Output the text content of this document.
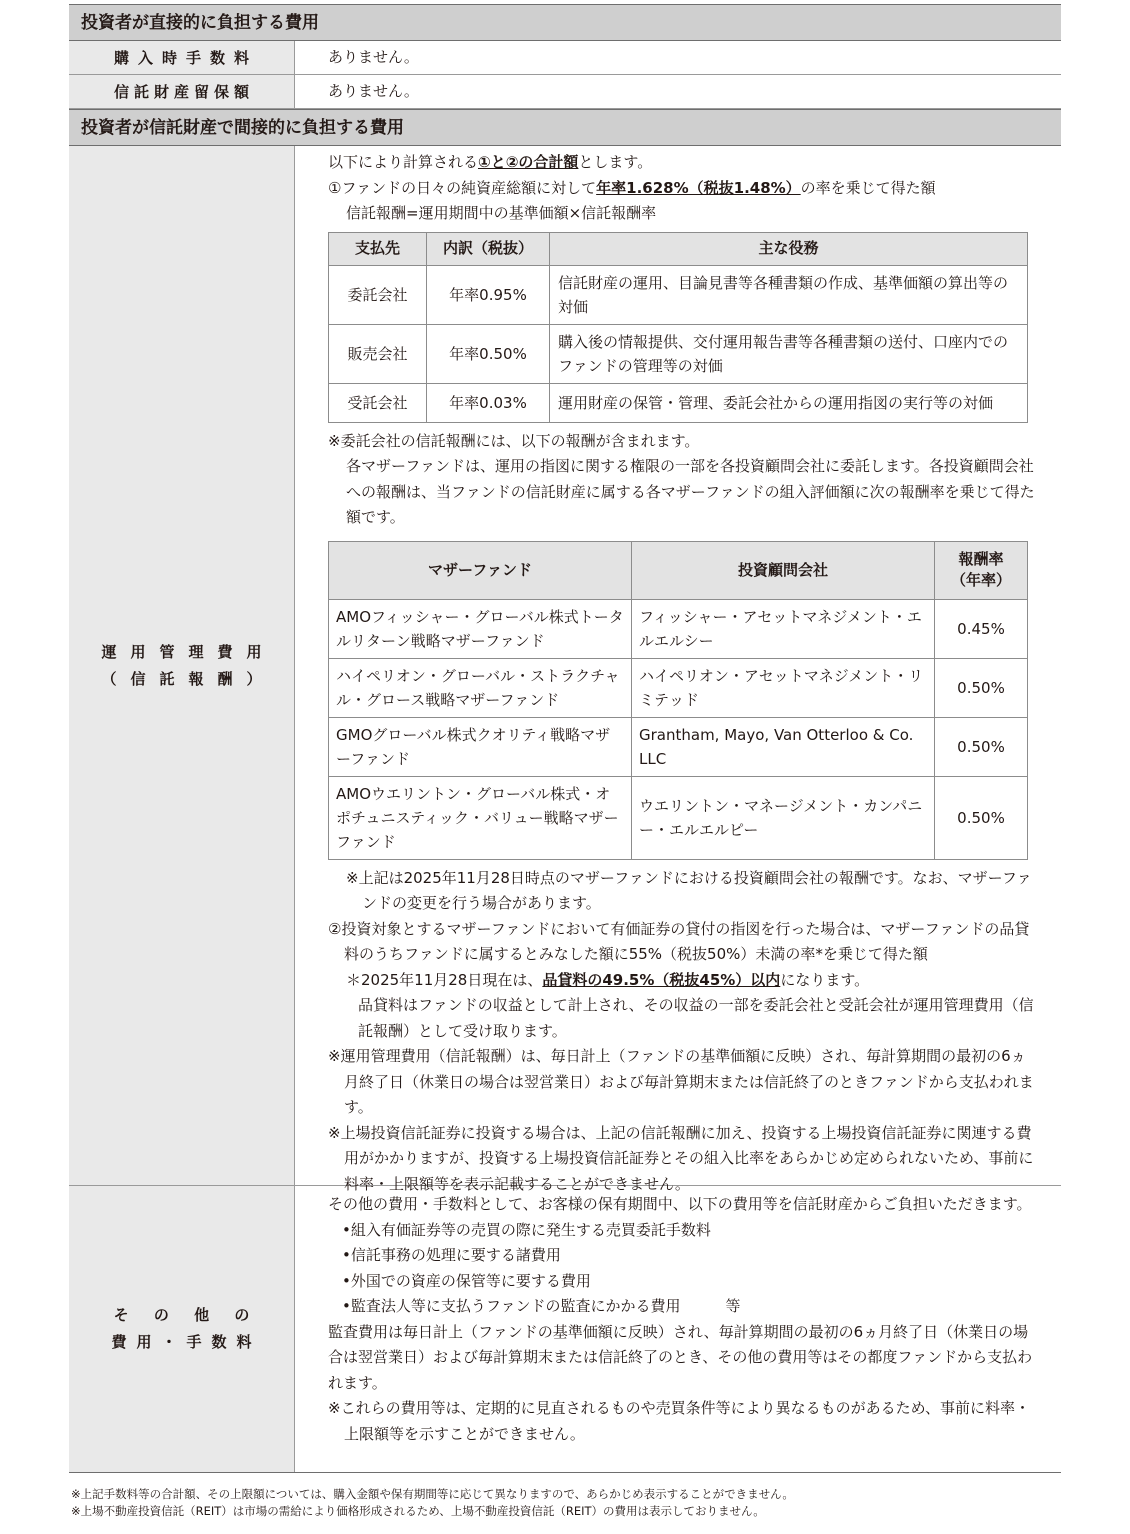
投資者が直接的に負担する費用
購入時手数料	ありません。
信託財産留保額	ありません。
投資者が信託財産で間接的に負担する費用
運用管理費用
（信託報酬）
以下により計算される①と②の合計額とします。
①ファンドの日々の純資産総額に対して年率1.628%（税抜1.48%）の率を乗じて得た額
信託報酬=運用期間中の基準価額×信託報酬率
支払先	内訳（税抜）	主な役務
委託会社	年率0.95%	信託財産の運用、目論見書等各種書類の作成、基準価額の算出等の対価
販売会社	年率0.50%	購入後の情報提供、交付運用報告書等各種書類の送付、口座内でのファンドの管理等の対価
受託会社	年率0.03%	運用財産の保管・管理、委託会社からの運用指図の実行等の対価
※委託会社の信託報酬には、以下の報酬が含まれます。
各マザーファンドは、運用の指図に関する権限の一部を各投資顧問会社に委託します。各投資顧問会社への報酬は、当ファンドの信託財産に属する各マザーファンドの組入評価額に次の報酬率を乗じて得た額です。
マザーファンド	投資顧問会社	報酬率
（年率）
AMOフィッシャー・グローバル株式トータルリターン戦略マザーファンド	フィッシャー・アセットマネジメント・エルエルシー	0.45%
ハイペリオン・グローバル・ストラクチャル・グロース戦略マザーファンド	ハイペリオン・アセットマネジメント・リミテッド	0.50%
GMOグローバル株式クオリティ戦略マザーファンド	Grantham, Mayo, Van Otterloo & Co. LLC	0.50%
AMOウエリントン・グローバル株式・オポチュニスティック・バリュー戦略マザーファンド	ウエリントン・マネージメント・カンパニー・エルエルピー	0.50%
※上記は2025年11月28日時点のマザーファンドにおける投資顧問会社の報酬です。なお、マザーファンドの変更を行う場合があります。
②投資対象とするマザーファンドにおいて有価証券の貸付の指図を行った場合は、マザーファンドの品貸料のうちファンドに属するとみなした額に55%（税抜50%）未満の率*を乗じて得た額
＊2025年11月28日現在は、品貸料の49.5%（税抜45%）以内になります。
品貸料はファンドの収益として計上され、その収益の一部を委託会社と受託会社が運用管理費用（信託報酬）として受け取ります。
※運用管理費用（信託報酬）は、毎日計上（ファンドの基準価額に反映）され、毎計算期間の最初の6ヵ月終了日（休業日の場合は翌営業日）および毎計算期末または信託終了のときファンドから支払われます。
※上場投資信託証券に投資する場合は、上記の信託報酬に加え、投資する上場投資信託証券に関連する費用がかかりますが、投資する上場投資信託証券とその組入比率をあらかじめ定められないため、事前に料率・上限額等を表示記載することができません。
そ の 他 の
費用・手数料
その他の費用・手数料として、お客様の保有期間中、以下の費用等を信託財産からご負担いただきます。
•組入有価証券等の売買の際に発生する売買委託手数料
•信託事務の処理に要する諸費用
•外国での資産の保管等に要する費用
•監査法人等に支払うファンドの監査にかかる費用　　　等
監査費用は毎日計上（ファンドの基準価額に反映）され、毎計算期間の最初の6ヵ月終了日（休業日の場合は翌営業日）および毎計算期末または信託終了のとき、その他の費用等はその都度ファンドから支払われます。
※これらの費用等は、定期的に見直されるものや売買条件等により異なるものがあるため、事前に料率・上限額等を示すことができません。
※上記手数料等の合計額、その上限額については、購入金額や保有期間等に応じて異なりますので、あらかじめ表示することができません。
※上場不動産投資信託（REIT）は市場の需給により価格形成されるため、上場不動産投資信託（REIT）の費用は表示しておりません。
